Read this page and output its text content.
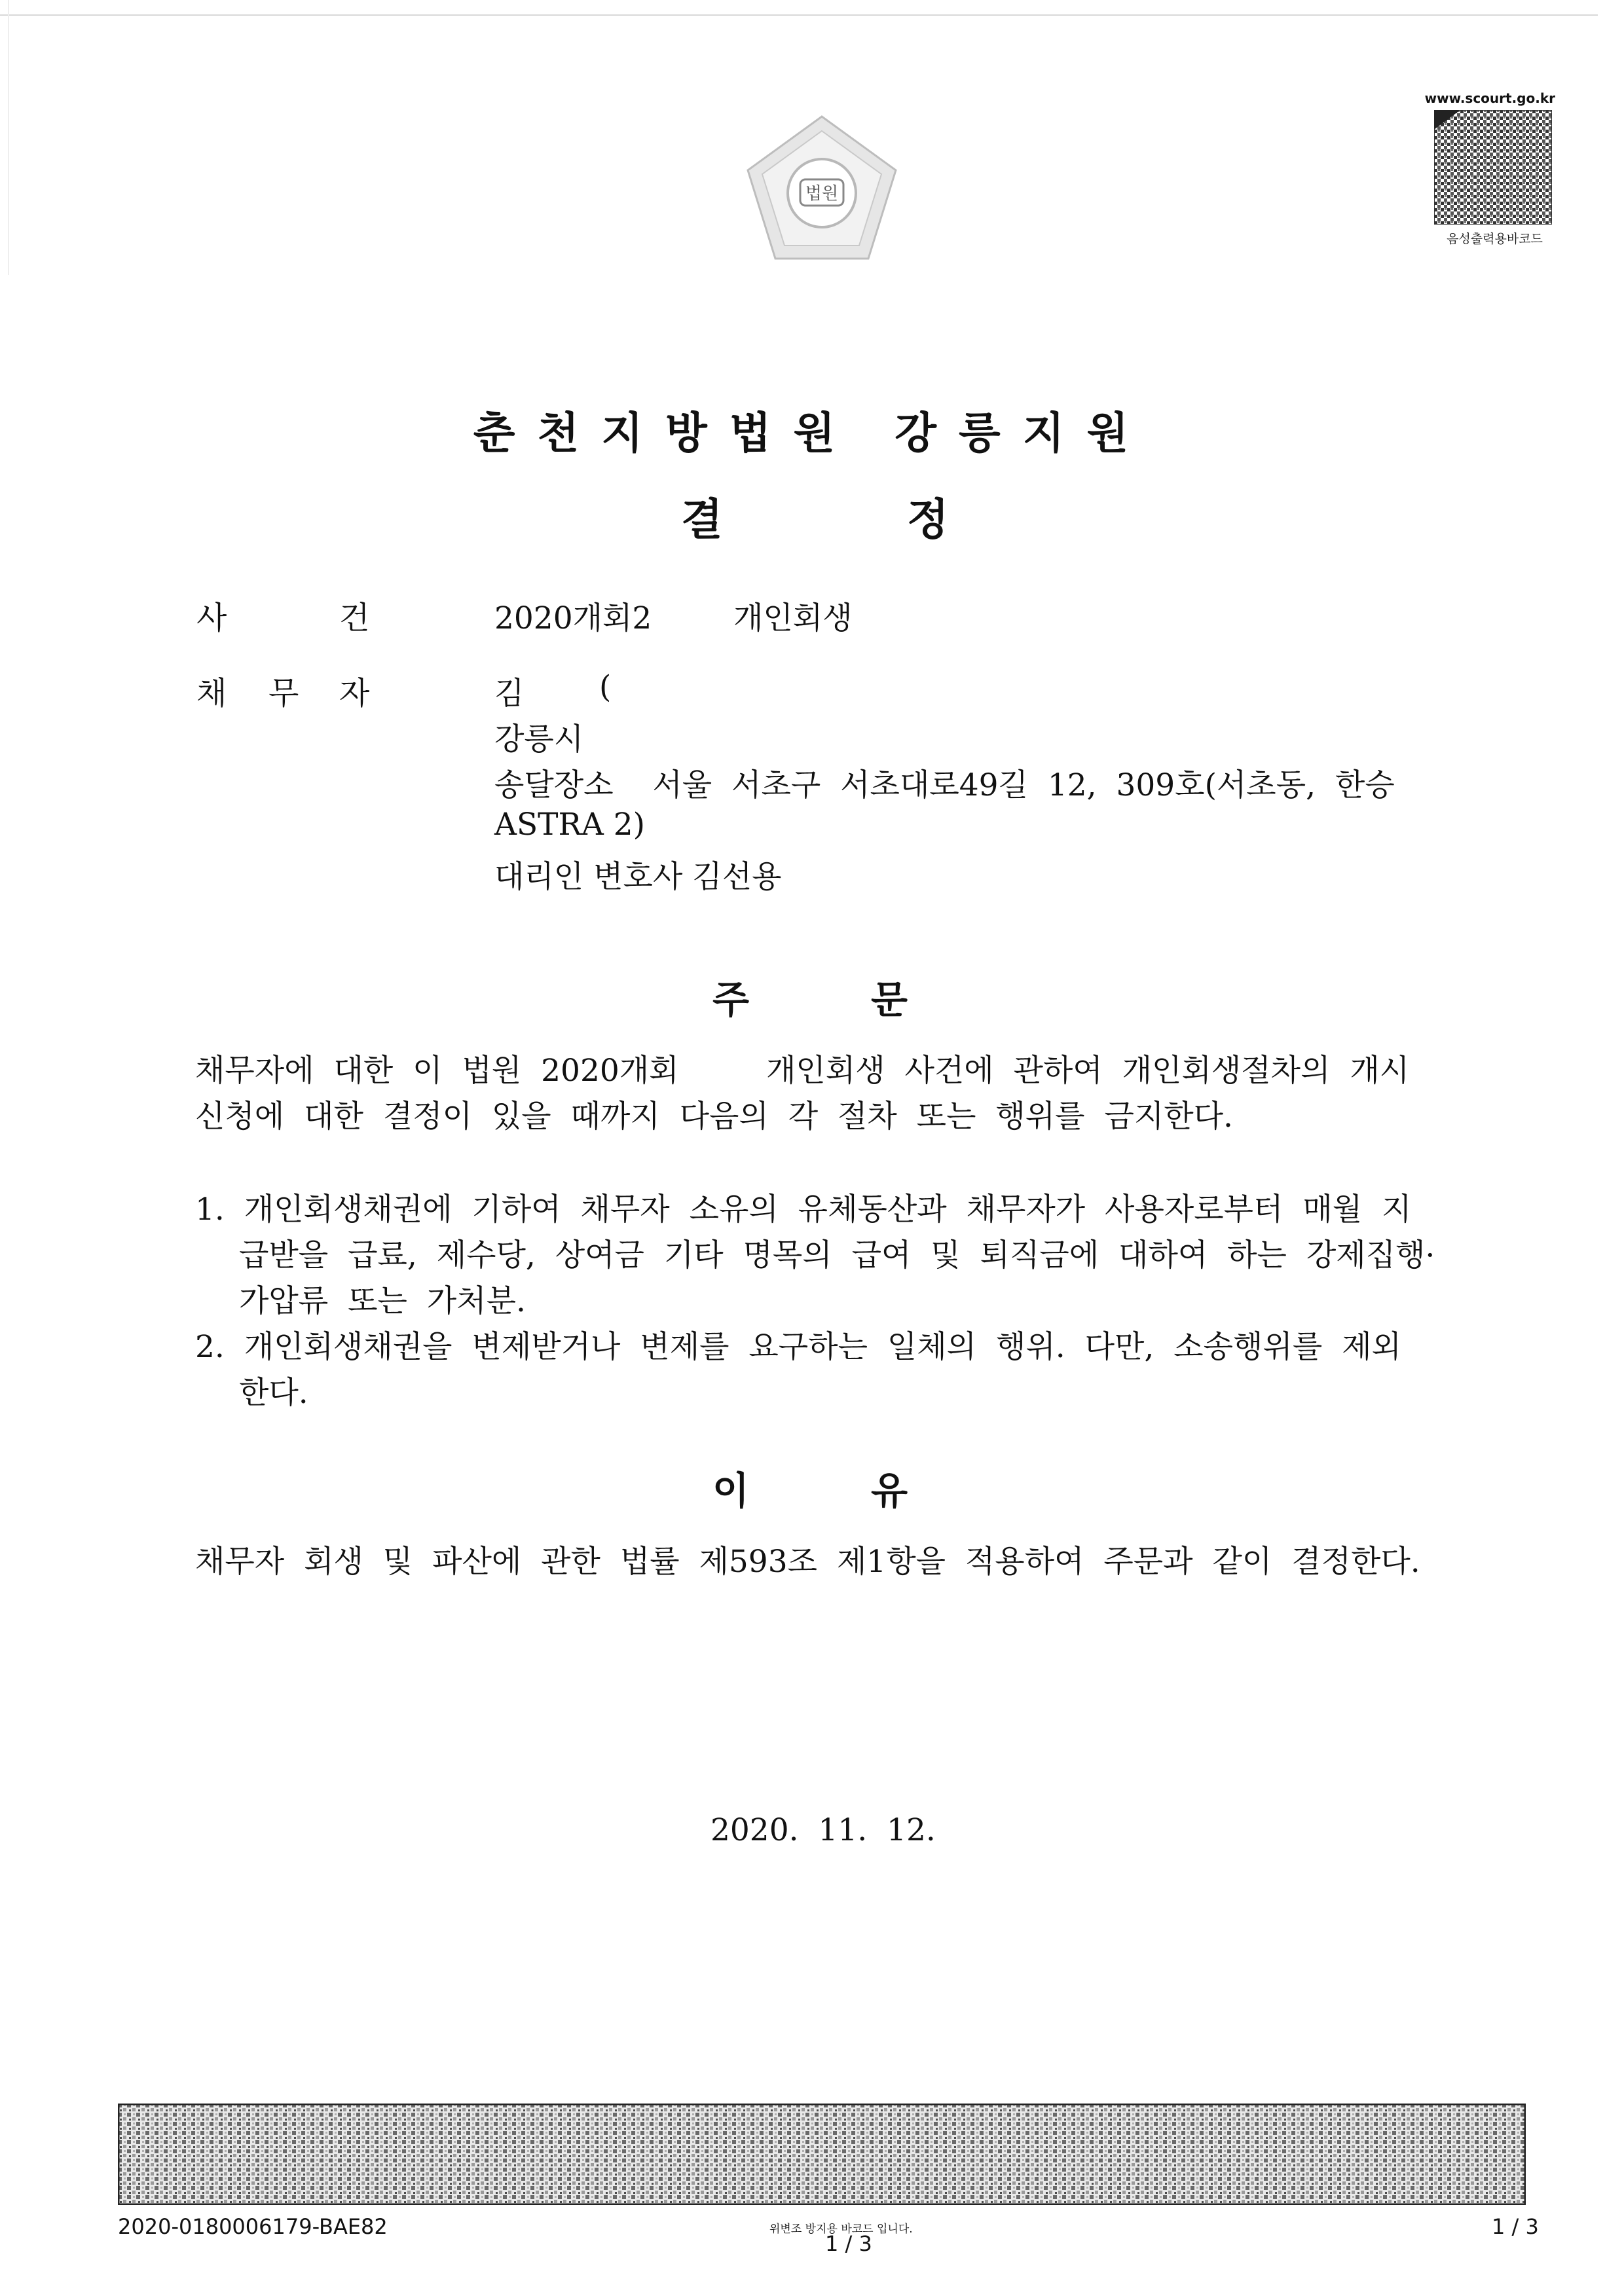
법원
www.scourt.go.kr
음성출력용바코드
춘천지방법원 강릉지원
결	정
사	건	2020개회2	개인회생
채 무 자	김 (
강릉시
송달장소    서울  서초구  서초대로49길  12,  309호(서초동,  한승
ASTRA 2)
대리인 변호사 김선용
주	문
채무자에  대한  이  법원  2020개회	개인회생  사건에  관하여  개인회생절차의  개시
신청에  대한  결정이  있을  때까지  다음의  각  절차  또는  행위를  금지한다.
1.  개인회생채권에  기하여  채무자  소유의  유체동산과  채무자가  사용자로부터  매월  지
급받을  급료,  제수당,  상여금  기타  명목의  급여  및  퇴직금에  대하여  하는  강제집행·
가압류  또는  가처분.
2.  개인회생채권을  변제받거나  변제를  요구하는  일체의  행위.  다만,  소송행위를  제외
한다.
이	유
채무자  회생  및  파산에  관한  법률  제593조  제1항을  적용하여  주문과  같이  결정한다.
2020.  11.  12.
2020-0180006179-BAE82	위변조 방지용 바코드 입니다.
1 / 3
1 / 3
